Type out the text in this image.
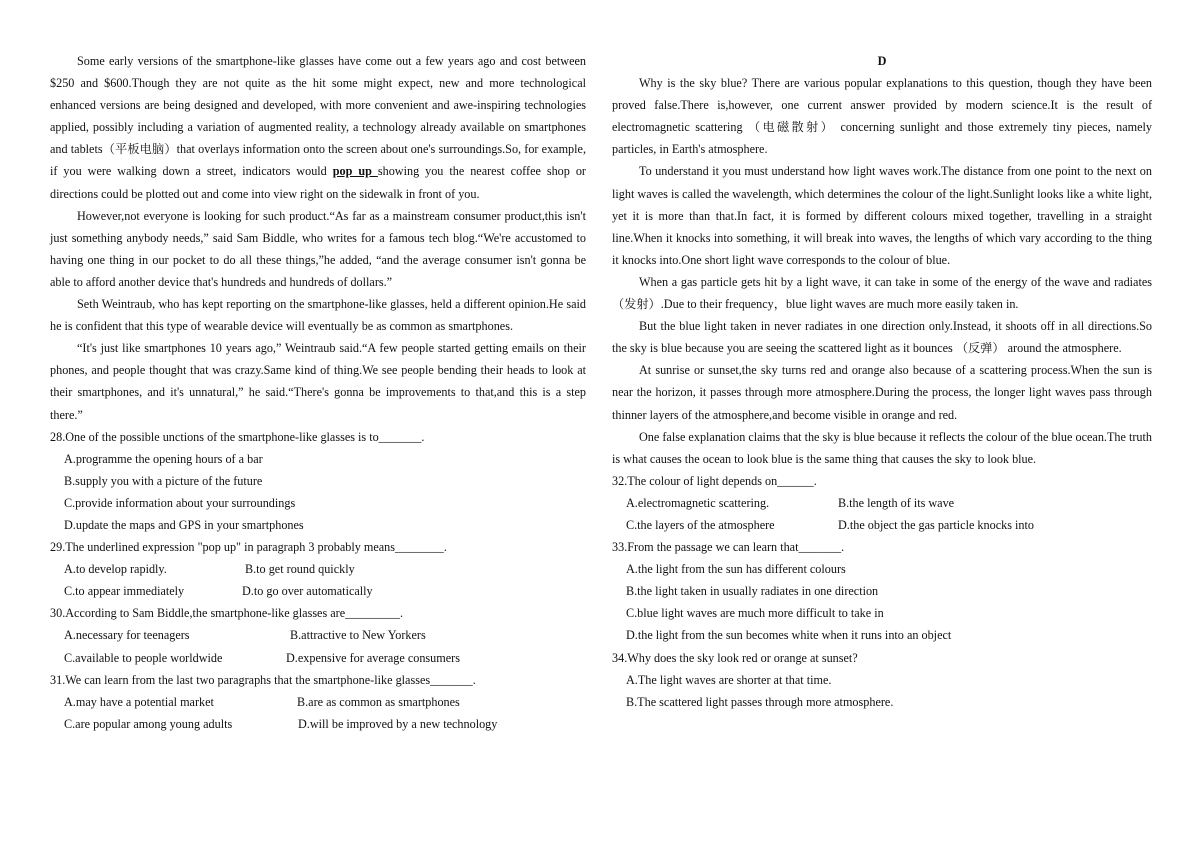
Some early versions of the smartphone-like glasses have come out a few years ago and cost between $250 and $600.Though they are not quite as the hit some might expect, new and more technological enhanced versions are being designed and developed, with more convenient and awe-inspiring technologies applied, possibly including a variation of augmented reality, a technology already available on smartphones and tablets（平板电脑）that overlays information onto the screen about one's surroundings.So, for example, if you were walking down a street, indicators would pop up showing you the nearest coffee shop or directions could be plotted out and come into view right on the sidewalk in front of you.

However,not everyone is looking for such product.“As far as a mainstream consumer product,this isn't just something anybody needs,” said Sam Biddle, who writes for a famous tech blog.“We're accustomed to having one thing in our pocket to do all these things,”he added, “and the average consumer isn't gonna be able to afford another device that's hundreds and hundreds of dollars.”

Seth Weintraub, who has kept reporting on the smartphone-like glasses, held a different opinion.He said he is confident that this type of wearable device will eventually be as common as smartphones.

“It's just like smartphones 10 years ago,” Weintraub said.“A few people started getting emails on their phones, and people thought that was crazy.Same kind of thing.We see people bending their heads to look at their smartphones, and it's unnatural,” he said.“There's gonna be improvements to that,and this is a step there.”

28.One of the possible unctions of the smartphone-like glasses is to_______.

A.programme the opening hours of a bar

B.supply you with a picture of the future

C.provide information about your surroundings

D.update the maps and GPS in your smartphones

29.The underlined expression "pop up" in paragraph 3 probably means________.

A.to develop rapidly.	B.to get round quickly
C.to appear immediately	D.to go over automatically

30.According to Sam Biddle,the smartphone-like glasses are_________.

A.necessary for teenagers	B.attractive to New Yorkers
C.available to people worldwide	D.expensive for average consumers

31.We can learn from the last two paragraphs that the smartphone-like glasses_______.

A.may have a potential market	B.are as common as smartphones
C.are popular among young adults	D.will be improved by a new technology

D

Why is the sky blue? There are various popular explanations to this question, though they have been proved false.There is,however, one current answer provided by modern science.It is the result of electromagnetic scattering （电磁散射） concerning sunlight and those extremely tiny pieces, namely particles, in Earth's atmosphere.

To understand it you must understand how light waves work.The distance from one point to the next on light waves is called the wavelength, which determines the colour of the light.Sunlight looks like a white light, yet it is more than that.In fact, it is formed by different colours mixed together, travelling in a straight line.When it knocks into something, it will break into waves, the lengths of which vary according to the thing it knocks into.One short light wave corresponds to the colour of blue.

When a gas particle gets hit by a light wave, it can take in some of the energy of the wave and radiates （发射）.Due to their frequency，blue light waves are much more easily taken in.

But the blue light taken in never radiates in one direction only.Instead, it shoots off in all directions.So the sky is blue because you are seeing the scattered light as it bounces （反弹） around the atmosphere.

At sunrise or sunset,the sky turns red and orange also because of a scattering process.When the sun is near the horizon, it passes through more atmosphere.During the process, the longer light waves pass through thinner layers of the atmosphere,and become visible in orange and red.

One false explanation claims that the sky is blue because it reflects the colour of the blue ocean.The truth is what causes the ocean to look blue is the same thing that causes the sky to look blue.

32.The colour of light depends on______.

A.electromagnetic scattering.	B.the length of its wave
C.the layers of the atmosphere	D.the object the gas particle knocks into

33.From the passage we can learn that_______.

A.the light from the sun has different colours

B.the light taken in usually radiates in one direction

C.blue light waves are much more difficult to take in

D.the light from the sun becomes white when it runs into an object

34.Why does the sky look red or orange at sunset?

A.The light waves are shorter at that time.

B.The scattered light passes through more atmosphere.
